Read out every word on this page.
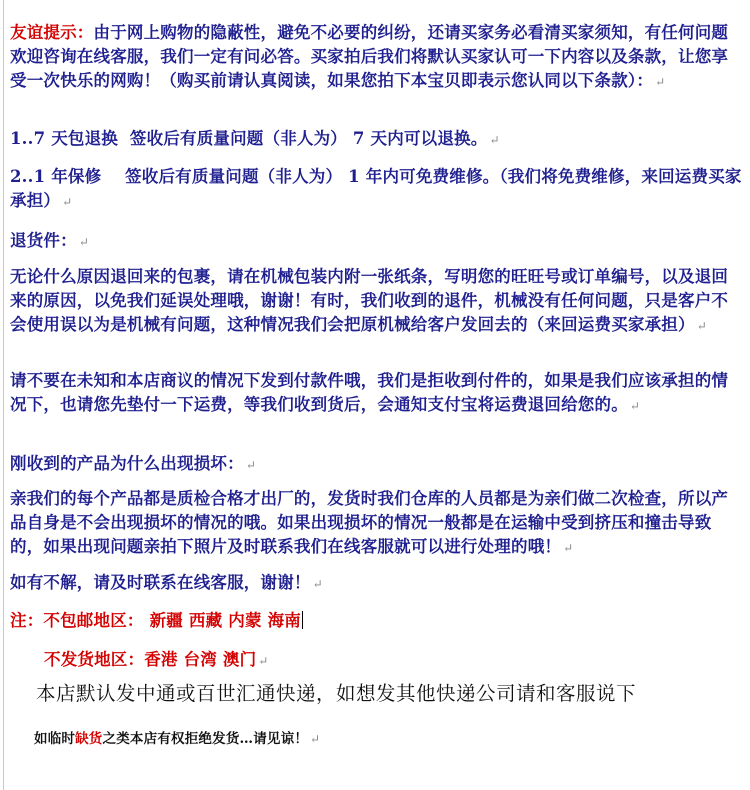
友谊提示：由于网上购物的隐蔽性，避免不必要的纠纷，还请买家务必看清买家须知，有任何问题欢迎咨询在线客服，我们一定有问必答。买家拍后我们将默认买家认可一下内容以及条款，让您享受一次快乐的网购！（购买前请认真阅读，如果您拍下本宝贝即表示您认同以下条款）： ↵

1..7 天包退换 签收后有质量问题（非人为） 7 天内可以退换。 ↵

2..1 年保修 签收后有质量问题（非人为） 1 年内可免费维修。（我们将免费维修，来回运费买家承担） ↵

退货件： ↵

无论什么原因退回来的包裹，请在机械包装内附一张纸条，写明您的旺旺号或订单编号，以及退回来的原因，以免我们延误处理哦，谢谢！有时，我们收到的退件，机械没有任何问题，只是客户不会使用误以为是机械有问题，这种情况我们会把原机械给客户发回去的（来回运费买家承担） ↵

请不要在未知和本店商议的情况下发到付款件哦，我们是拒收到付件的，如果是我们应该承担的情况下，也请您先垫付一下运费，等我们收到货后，会通知支付宝将运费退回给您的。 ↵

刚收到的产品为什么出现损坏： ↵

亲我们的每个产品都是质检合格才出厂的，发货时我们仓库的人员都是为亲们做二次检查，所以产品自身是不会出现损坏的情况的哦。如果出现损坏的情况一般都是在运输中受到挤压和撞击导致的，如果出现问题亲拍下照片及时联系我们在线客服就可以进行处理的哦！ ↵

如有不解，请及时联系在线客服，谢谢！ ↵

注：不包邮地区： 新疆 西藏 内蒙 海南

不发货地区：香港 台湾 澳门 ↵

本店默认发中通或百世汇通快递，如想发其他快递公司请和客服说下

如临时缺货之类本店有权拒绝发货…请见谅！ ↵
